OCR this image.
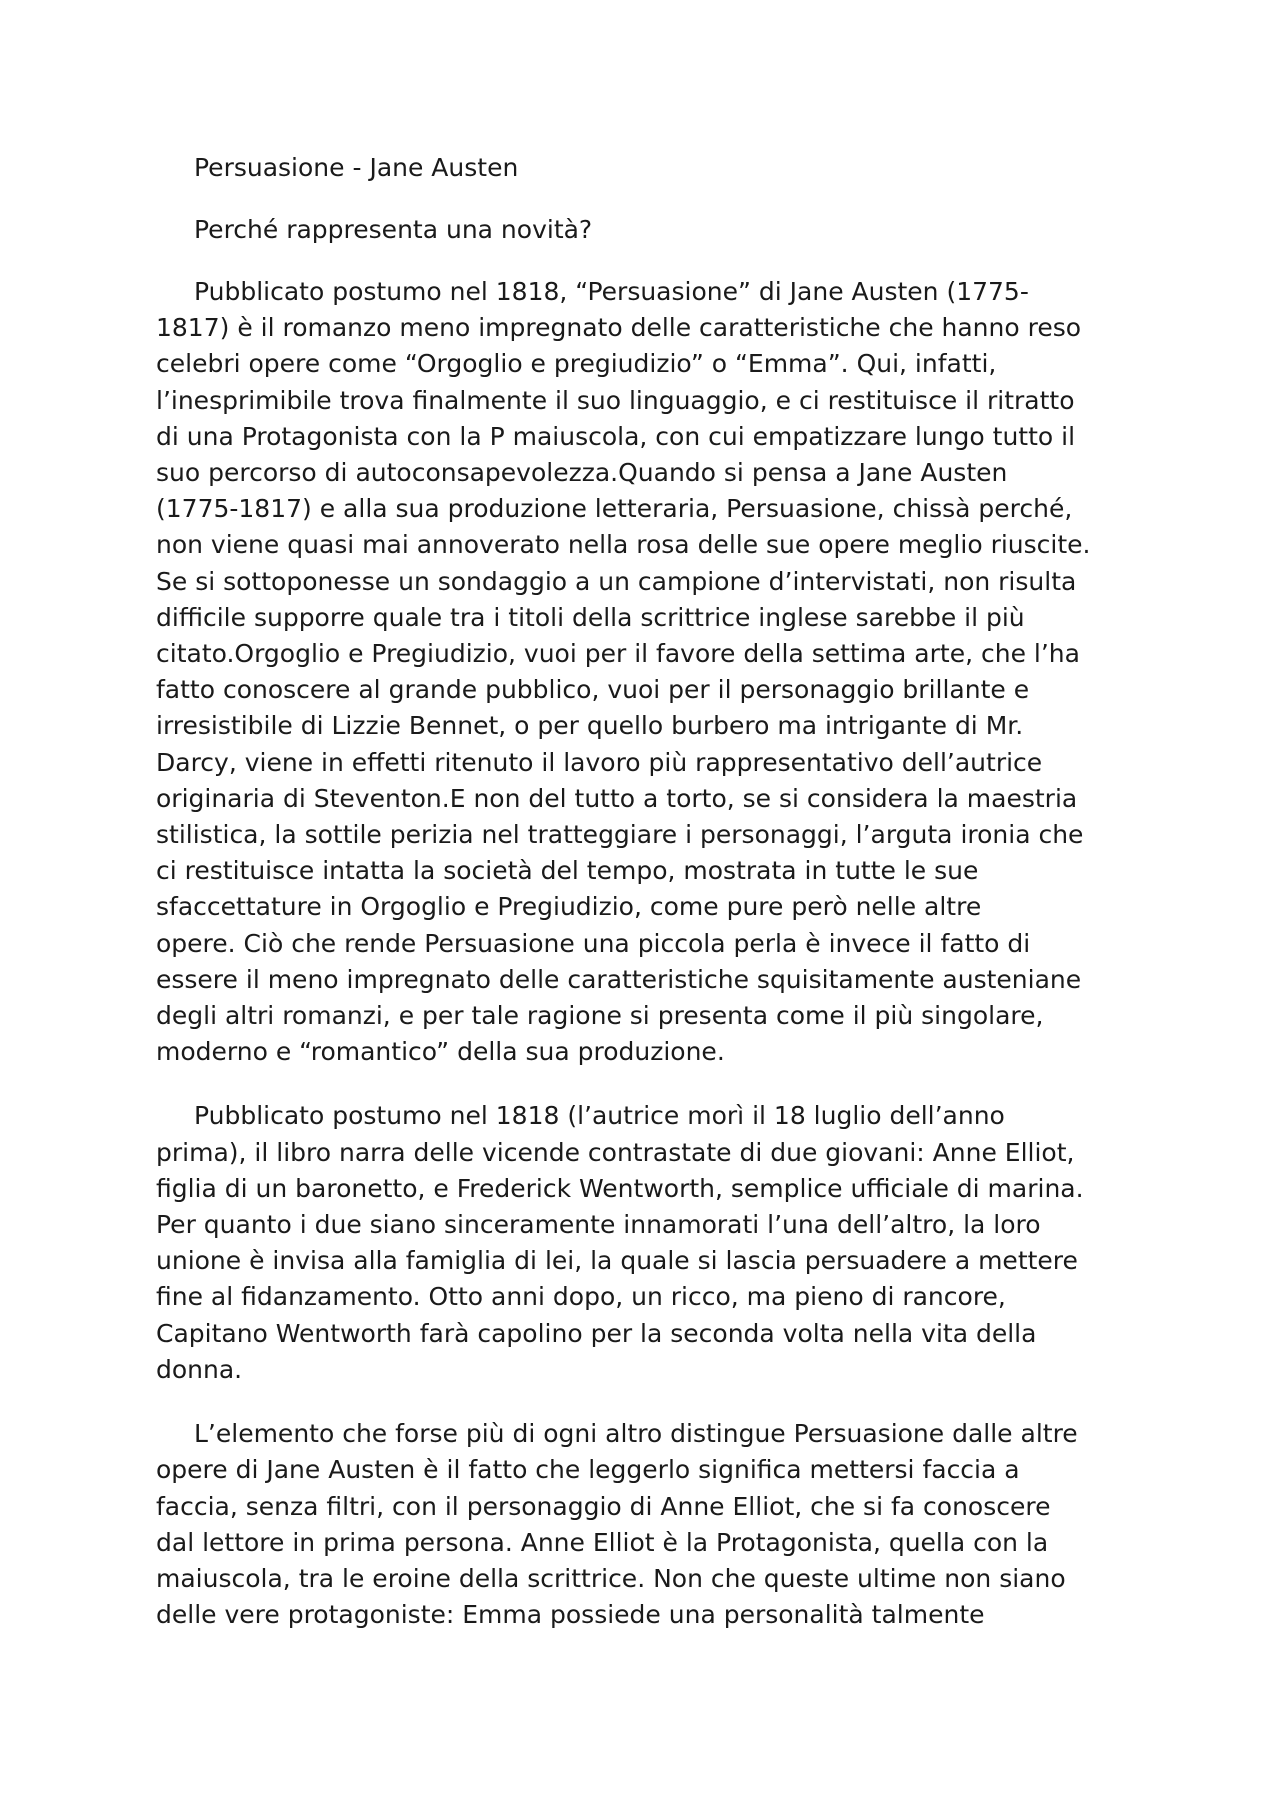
Persuasione - Jane Austen

Perché rappresenta una novità?

Pubblicato postumo nel 1818, “Persuasione” di Jane Austen (1775-
1817) è il romanzo meno impregnato delle caratteristiche che hanno reso
celebri opere come “Orgoglio e pregiudizio” o “Emma”. Qui, infatti,
l’inesprimibile trova finalmente il suo linguaggio, e ci restituisce il ritratto
di una Protagonista con la P maiuscola, con cui empatizzare lungo tutto il
suo percorso di autoconsapevolezza.Quando si pensa a Jane Austen
(1775-1817) e alla sua produzione letteraria, Persuasione, chissà perché,
non viene quasi mai annoverato nella rosa delle sue opere meglio riuscite.
Se si sottoponesse un sondaggio a un campione d’intervistati, non risulta
difficile supporre quale tra i titoli della scrittrice inglese sarebbe il più
citato.Orgoglio e Pregiudizio, vuoi per il favore della settima arte, che l’ha
fatto conoscere al grande pubblico, vuoi per il personaggio brillante e
irresistibile di Lizzie Bennet, o per quello burbero ma intrigante di Mr.
Darcy, viene in effetti ritenuto il lavoro più rappresentativo dell’autrice
originaria di Steventon.E non del tutto a torto, se si considera la maestria
stilistica, la sottile perizia nel tratteggiare i personaggi, l’arguta ironia che
ci restituisce intatta la società del tempo, mostrata in tutte le sue
sfaccettature in Orgoglio e Pregiudizio, come pure però nelle altre
opere. Ciò che rende Persuasione una piccola perla è invece il fatto di
essere il meno impregnato delle caratteristiche squisitamente austeniane
degli altri romanzi, e per tale ragione si presenta come il più singolare,
moderno e “romantico” della sua produzione.
Pubblicato postumo nel 1818 (l’autrice morì il 18 luglio dell’anno
prima), il libro narra delle vicende contrastate di due giovani: Anne Elliot,
figlia di un baronetto, e Frederick Wentworth, semplice ufficiale di marina.
Per quanto i due siano sinceramente innamorati l’una dell’altro, la loro
unione è invisa alla famiglia di lei, la quale si lascia persuadere a mettere
fine al fidanzamento. Otto anni dopo, un ricco, ma pieno di rancore,
Capitano Wentworth farà capolino per la seconda volta nella vita della
donna.
L’elemento che forse più di ogni altro distingue Persuasione dalle altre
opere di Jane Austen è il fatto che leggerlo significa mettersi faccia a
faccia, senza filtri, con il personaggio di Anne Elliot, che si fa conoscere
dal lettore in prima persona. Anne Elliot è la Protagonista, quella con la
maiuscola, tra le eroine della scrittrice. Non che queste ultime non siano
delle vere protagoniste: Emma possiede una personalità talmente
